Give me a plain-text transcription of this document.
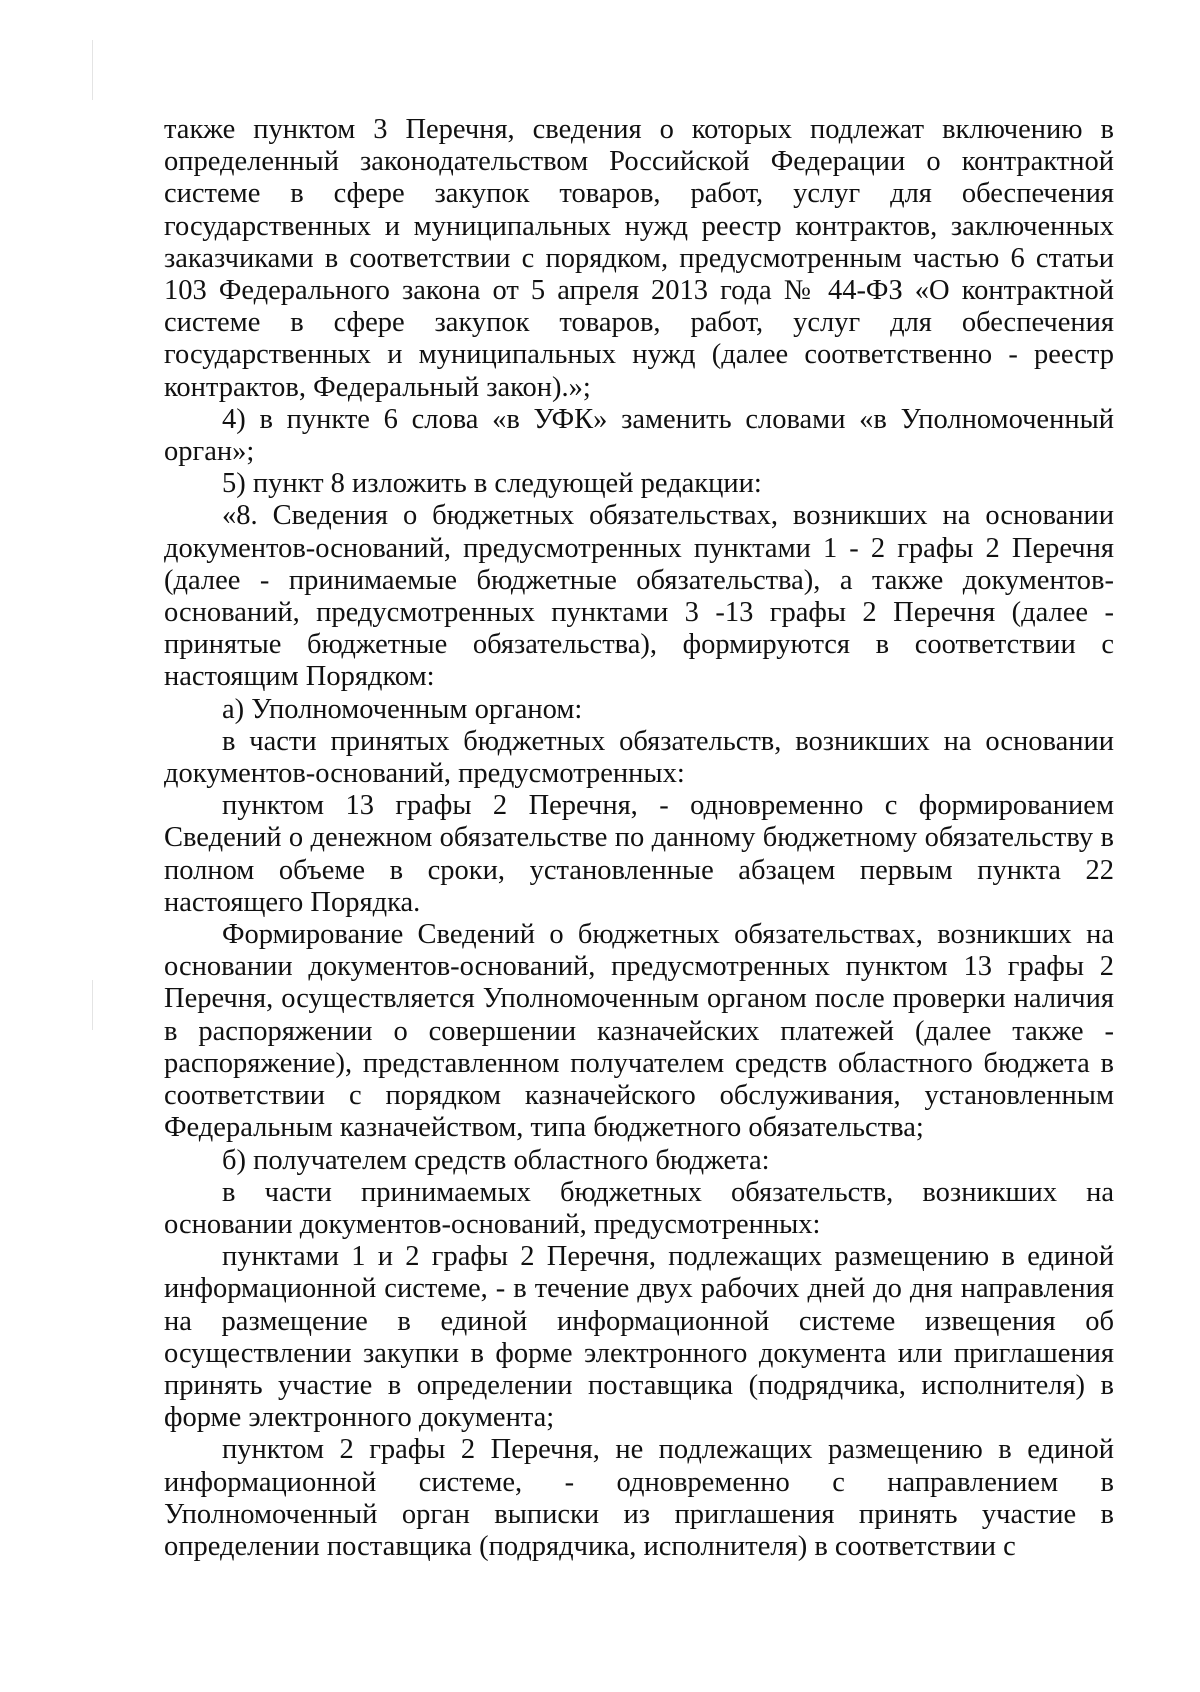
также пунктом 3 Перечня, сведения о которых подлежат включению в определенный законодательством Российской Федерации о контрактной системе в сфере закупок товаров, работ, услуг для обеспечения государственных и муниципальных нужд реестр контрактов, заключенных заказчиками в соответствии с порядком, предусмотренным частью 6 статьи 103 Федерального закона от 5 апреля 2013 года № 44-ФЗ «О контрактной системе в сфере закупок товаров, работ, услуг для обеспечения государственных и муниципальных нужд (далее соответственно - реестр контрактов, Федеральный закон).»;

4) в пункте 6 слова «в УФК» заменить словами «в Уполномоченный орган»;

5) пункт 8 изложить в следующей редакции:

«8. Сведения о бюджетных обязательствах, возникших на основании документов-оснований, предусмотренных пунктами 1 - 2 графы 2 Перечня (далее - принимаемые бюджетные обязательства), а также документов-оснований, предусмотренных пунктами 3 -13 графы 2 Перечня (далее - принятые бюджетные обязательства), формируются в соответствии с настоящим Порядком:

а) Уполномоченным органом:

в части принятых бюджетных обязательств, возникших на основании документов-оснований, предусмотренных:

пунктом 13 графы 2 Перечня, - одновременно с формированием Сведений о денежном обязательстве по данному бюджетному обязательству в полном объеме в сроки, установленные абзацем первым пункта 22 настоящего Порядка.

Формирование Сведений о бюджетных обязательствах, возникших на основании документов-оснований, предусмотренных пунктом 13 графы 2 Перечня, осуществляется Уполномоченным органом после проверки наличия в распоряжении о совершении казначейских платежей (далее также - распоряжение), представленном получателем средств областного бюджета в соответствии с порядком казначейского обслуживания, установленным Федеральным казначейством, типа бюджетного обязательства;

б) получателем средств областного бюджета:

в части принимаемых бюджетных обязательств, возникших на основании документов-оснований, предусмотренных:

пунктами 1 и 2 графы 2 Перечня, подлежащих размещению в единой информационной системе, - в течение двух рабочих дней до дня направления на размещение в единой информационной системе извещения об осуществлении закупки в форме электронного документа или приглашения принять участие в определении поставщика (подрядчика, исполнителя) в форме электронного документа;

пунктом 2 графы 2 Перечня, не подлежащих размещению в единой информационной системе, - одновременно с направлением в Уполномоченный орган выписки из приглашения принять участие в определении поставщика (подрядчика, исполнителя) в соответствии с
